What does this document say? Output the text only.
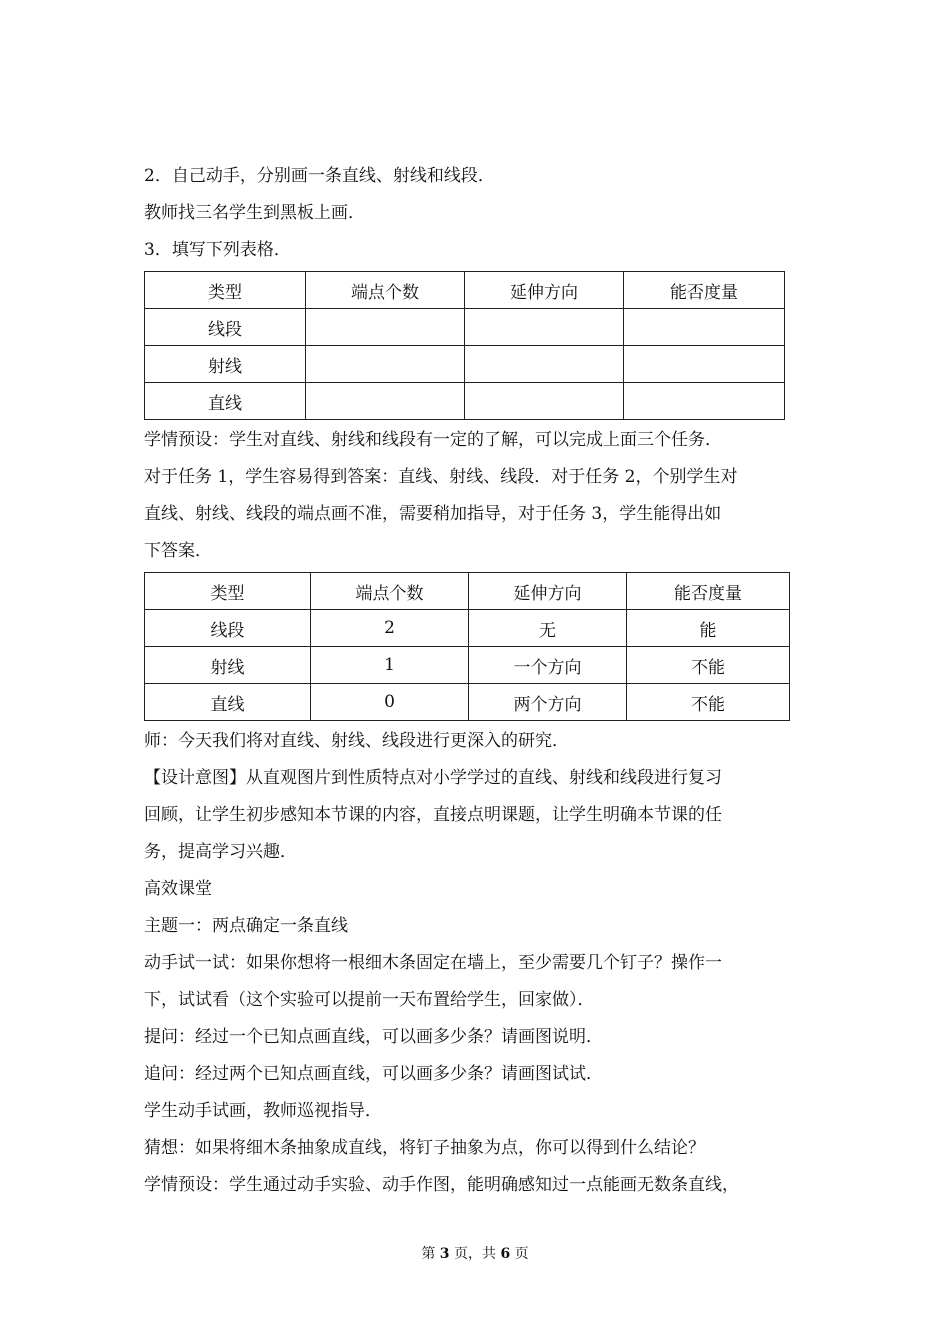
2．自己动手，分别画一条直线、射线和线段．

教师找三名学生到黑板上画．

3．填写下列表格．

类型	端点个数	延伸方向	能否度量
线段			
射线			
直线			

学情预设：学生对直线、射线和线段有一定的了解，可以完成上面三个任务．

对于任务 1，学生容易得到答案：直线、射线、线段．对于任务 2，个别学生对

直线、射线、线段的端点画不准，需要稍加指导，对于任务 3，学生能得出如

下答案．

类型	端点个数	延伸方向	能否度量
线段	2	无	能
射线	1	一个方向	不能
直线	0	两个方向	不能

师：今天我们将对直线、射线、线段进行更深入的研究．

【设计意图】从直观图片到性质特点对小学学过的直线、射线和线段进行复习

回顾，让学生初步感知本节课的内容，直接点明课题，让学生明确本节课的任

务，提高学习兴趣．

高效课堂

主题一：两点确定一条直线

动手试一试：如果你想将一根细木条固定在墙上，至少需要几个钉子？操作一

下，试试看（这个实验可以提前一天布置给学生，回家做）．

提问：经过一个已知点画直线，可以画多少条？请画图说明．

追问：经过两个已知点画直线，可以画多少条？请画图试试．

学生动手试画，教师巡视指导．

猜想：如果将细木条抽象成直线，将钉子抽象为点，你可以得到什么结论？

学情预设：学生通过动手实验、动手作图，能明确感知过一点能画无数条直线，

第 3 页，共 6 页
